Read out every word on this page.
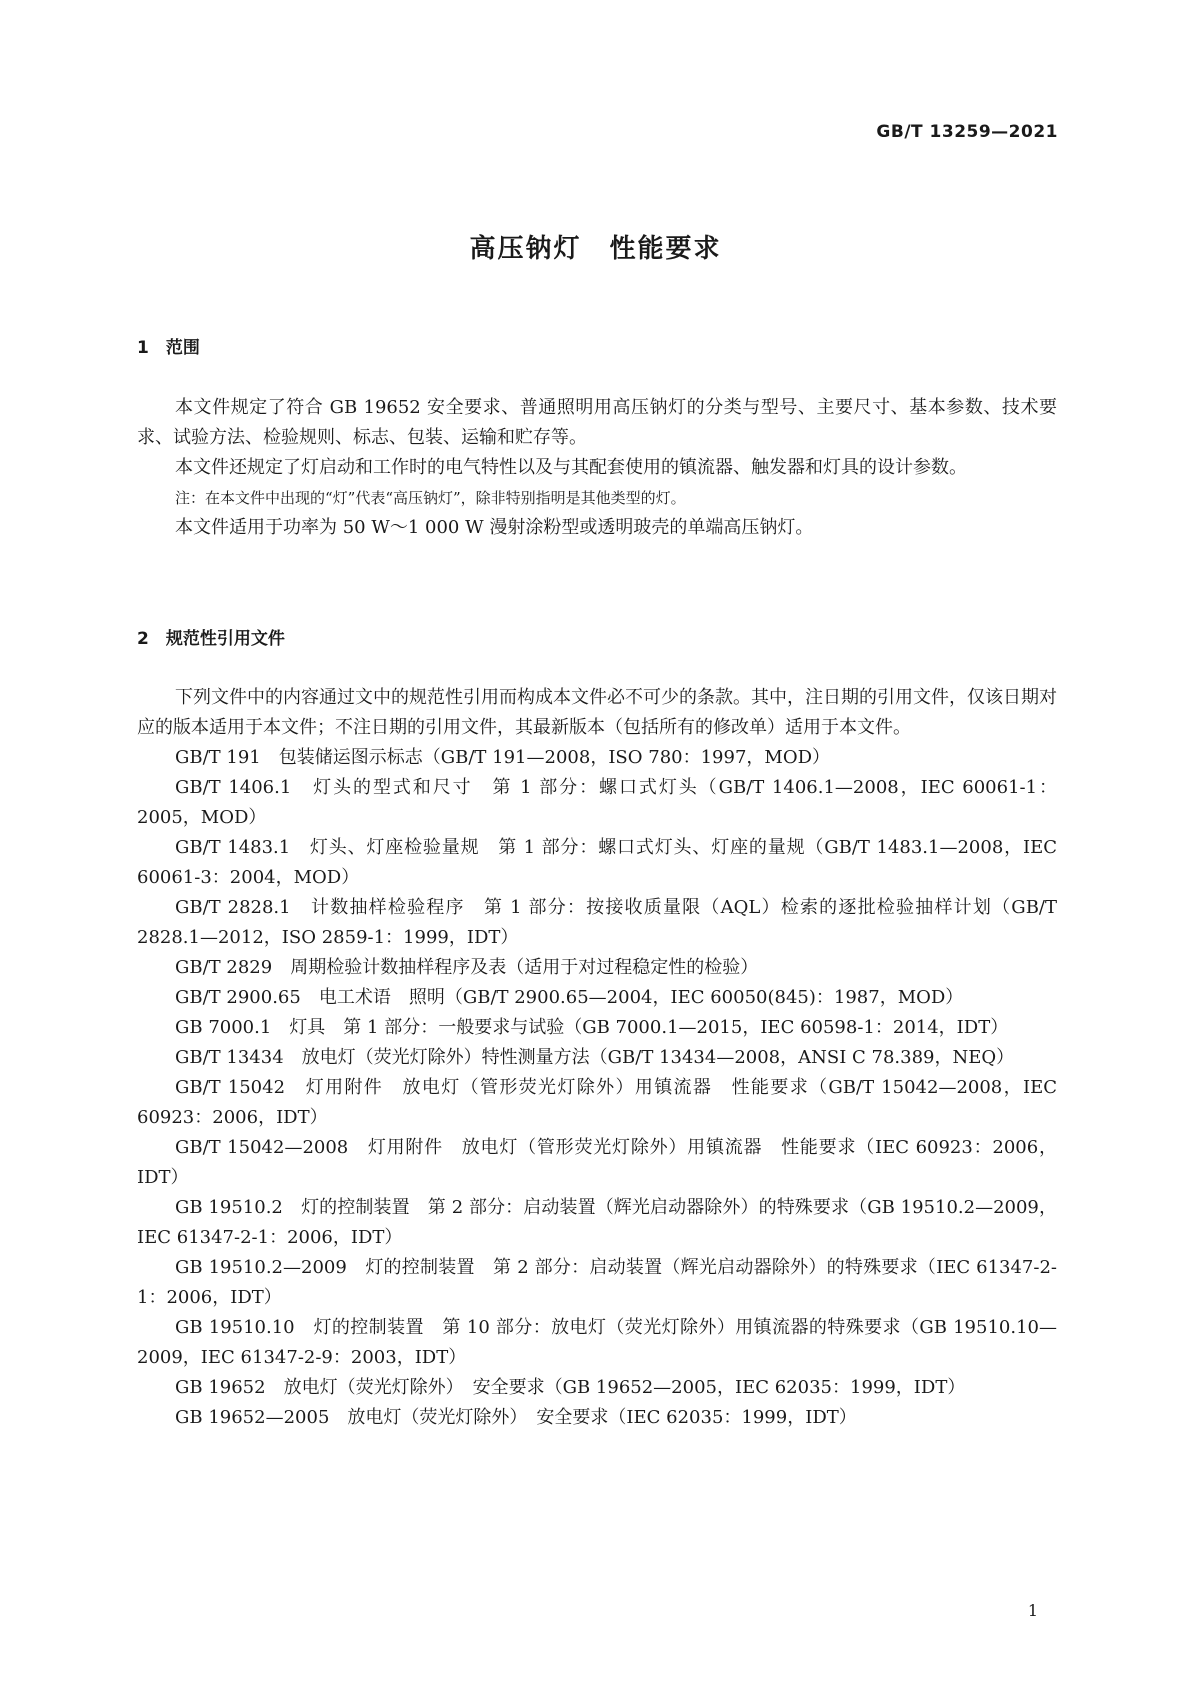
GB/T 13259—2021
高压钠灯　性能要求
1　范围

本文件规定了符合 GB 19652 安全要求、普通照明用高压钠灯的分类与型号、主要尺寸、基本参数、技术要求、试验方法、检验规则、标志、包装、运输和贮存等。

本文件还规定了灯启动和工作时的电气特性以及与其配套使用的镇流器、触发器和灯具的设计参数。

注：在本文件中出现的“灯”代表“高压钠灯”，除非特别指明是其他类型的灯。

本文件适用于功率为 50 W～1 000 W 漫射涂粉型或透明玻壳的单端高压钠灯。

2　规范性引用文件

下列文件中的内容通过文中的规范性引用而构成本文件必不可少的条款。其中，注日期的引用文件，仅该日期对应的版本适用于本文件；不注日期的引用文件，其最新版本（包括所有的修改单）适用于本文件。

GB/T 191　包装储运图示标志（GB/T 191—2008，ISO 780：1997，MOD）

GB/T 1406.1　灯头的型式和尺寸　第 1 部分：螺口式灯头（GB/T 1406.1—2008，IEC 60061-1：2005，MOD）

GB/T 1483.1　灯头、灯座检验量规　第 1 部分：螺口式灯头、灯座的量规（GB/T 1483.1—2008，IEC 60061-3：2004，MOD）

GB/T 2828.1　计数抽样检验程序　第 1 部分：按接收质量限（AQL）检索的逐批检验抽样计划（GB/T 2828.1—2012，ISO 2859-1：1999，IDT）

GB/T 2829　周期检验计数抽样程序及表（适用于对过程稳定性的检验）

GB/T 2900.65　电工术语　照明（GB/T 2900.65—2004，IEC 60050(845)：1987，MOD）

GB 7000.1　灯具　第 1 部分：一般要求与试验（GB 7000.1—2015，IEC 60598-1：2014，IDT）

GB/T 13434　放电灯（荧光灯除外）特性测量方法（GB/T 13434—2008，ANSI C 78.389，NEQ）

GB/T 15042　灯用附件　放电灯（管形荧光灯除外）用镇流器　性能要求（GB/T 15042—2008，IEC 60923：2006，IDT）

GB/T 15042—2008　灯用附件　放电灯（管形荧光灯除外）用镇流器　性能要求（IEC 60923：2006，IDT）

GB 19510.2　灯的控制装置　第 2 部分：启动装置（辉光启动器除外）的特殊要求（GB 19510.2—2009，IEC 61347-2-1：2006，IDT）

GB 19510.2—2009　灯的控制装置　第 2 部分：启动装置（辉光启动器除外）的特殊要求（IEC 61347-2-1：2006，IDT）

GB 19510.10　灯的控制装置　第 10 部分：放电灯（荧光灯除外）用镇流器的特殊要求（GB 19510.10—2009，IEC 61347-2-9：2003，IDT）

GB 19652　放电灯（荧光灯除外）　安全要求（GB 19652—2005，IEC 62035：1999，IDT）

GB 19652—2005　放电灯（荧光灯除外）　安全要求（IEC 62035：1999，IDT）

1
